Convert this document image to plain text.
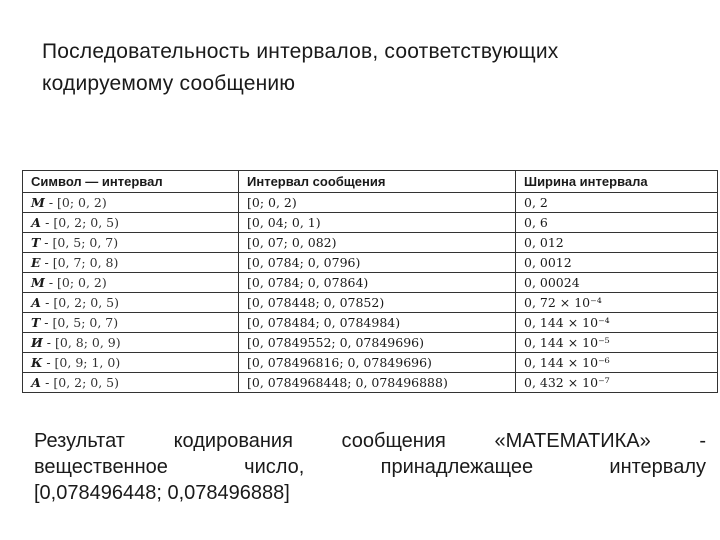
Последовательность интервалов, соответствующих
кодируемому сообщению
Символ — интервал	Интервал сообщения	Ширина интервала
М - [0; 0, 2)	[0; 0, 2)	0, 2
А - [0, 2; 0, 5)	[0, 04; 0, 1)	0, 6
Т - [0, 5; 0, 7)	[0, 07; 0, 082)	0, 012
Е - [0, 7; 0, 8)	[0, 0784; 0, 0796)	0, 0012
М - [0; 0, 2)	[0, 0784; 0, 07864)	0, 00024
А - [0, 2; 0, 5)	[0, 078448; 0, 07852)	0, 72 × 10⁻⁴
Т - [0, 5; 0, 7)	[0, 078484; 0, 0784984)	0, 144 × 10⁻⁴
И - [0, 8; 0, 9)	[0, 07849552; 0, 07849696)	0, 144 × 10⁻⁵
К - [0, 9; 1, 0)	[0, 078496816; 0, 07849696)	0, 144 × 10⁻⁶
А - [0, 2; 0, 5)	[0, 0784968448; 0, 078496888)	0, 432 × 10⁻⁷
Результат кодирования сообщения «МАТЕМАТИКА» -
вещественное	число,	принадлежащее	интервалу
[0,078496448; 0,078496888]
